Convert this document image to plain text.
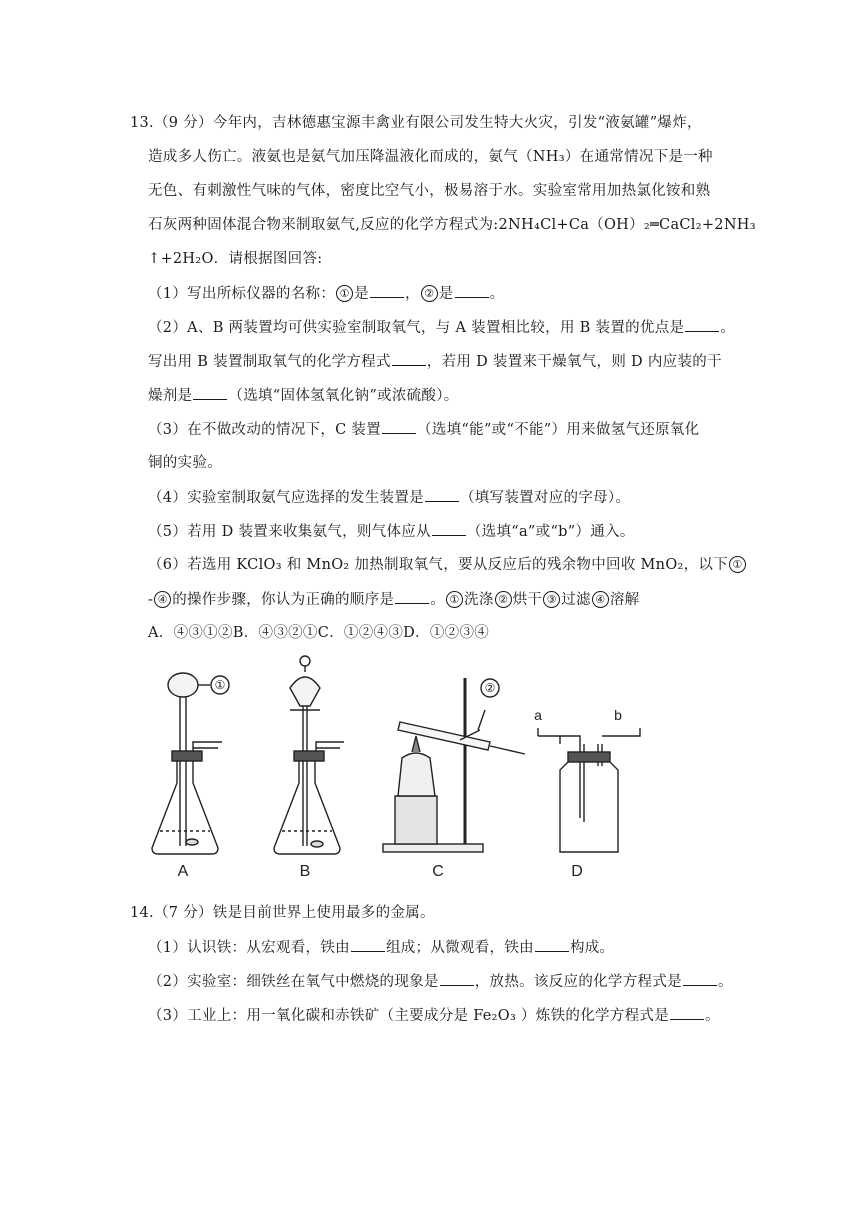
13.（9 分）今年内，吉林德惠宝源丰禽业有限公司发生特大火灾，引发“液氨罐”爆炸，
造成多人伤亡。液氨也是氨气加压降温液化而成的，氨气（NH₃）在通常情况下是一种
无色、有刺激性气味的气体，密度比空气小，极易溶于水。实验室常用加热氯化铵和熟
石灰两种固体混合物来制取氨气,反应的化学方程式为:2NH₄Cl+Ca（OH）₂═CaCl₂+2NH₃
↑+2H₂O．请根据图回答:
（1）写出所标仪器的名称： ① 是 ， ② 是 。
（2）A、B 两装置均可供实验室制取氧气，与 A 装置相比较，用 B 装置的优点是 。
写出用 B 装置制取氧气的化学方程式 ，若用 D 装置来干燥氧气，则 D 内应装的干
燥剂是 （选填“固体氢氧化钠”或浓硫酸）。
（3）在不做改动的情况下，C 装置 （选填“能”或“不能”）用来做氢气还原氧化
铜的实验。
（4）实验室制取氨气应选择的发生装置是 （填写装置对应的字母）。
（5）若用 D 装置来收集氨气，则气体应从 （选填“a”或“b”）通入。
（6）若选用 KClO₃ 和 MnO₂ 加热制取氧气，要从反应后的残余物中回收 MnO₂，以下 ①
- ④ 的操作步骤，你认为正确的顺序是 。 ① 洗涤 ② 烘干 ③ 过滤 ④ 溶解
A．④③①②B．④③②①C．①②④③D．①②③④
①
A	B
②
C
a	b
D
14.（7 分）铁是目前世界上使用最多的金属。
（1）认识铁：从宏观看，铁由 组成；从微观看，铁由 构成。
（2）实验室：细铁丝在氧气中燃烧的现象是 ，放热。该反应的化学方程式是 。
（3）工业上：用一氧化碳和赤铁矿（主要成分是 Fe₂O₃ ）炼铁的化学方程式是 。
